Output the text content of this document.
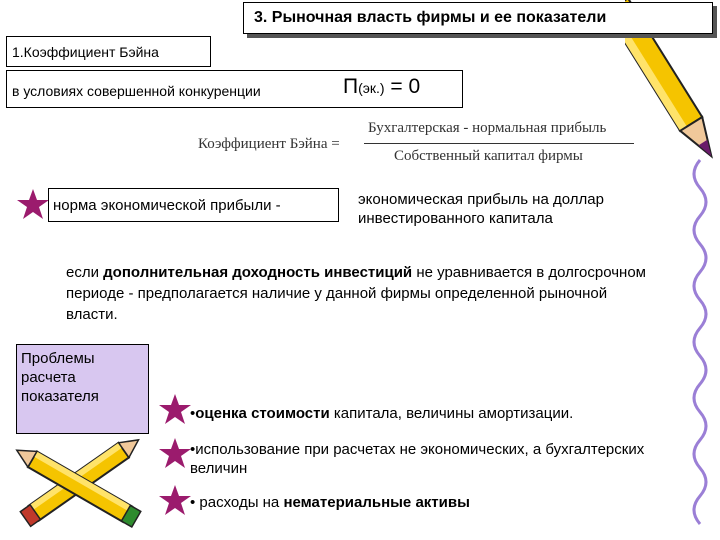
3. Рыночная власть фирмы и ее показатели
1.Коэффициент Бэйна
в условиях совершенной конкуренции	П(эк.) = 0
Коэффициент Бэйна =
Бухгалтерская - нормальная прибыль
Собственный капитал фирмы
норма экономической прибыли -	экономическая прибыль на доллар
инвестированного капитала
если дополнительная доходность инвестиций не уравнивается в долгосрочном периоде - предполагается наличие у данной фирмы определенной рыночной власти.
Проблемы расчета показателя
•оценка стоимости капитала, величины амортизации.
•использование при расчетах не экономических, а бухгалтерских величин
• расходы на нематериальные активы
